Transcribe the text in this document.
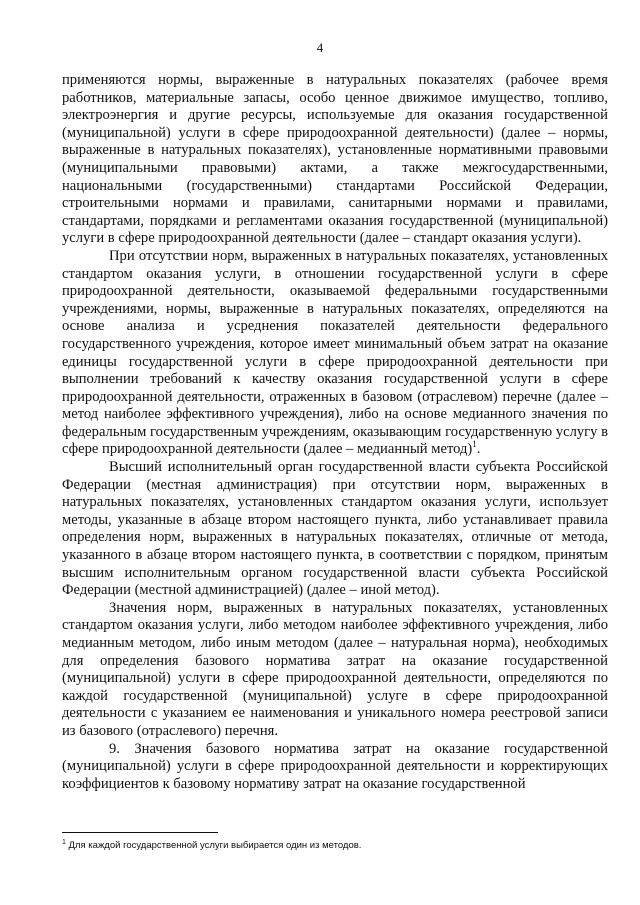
4

применяются нормы, выраженные в натуральных показателях (рабочее время работников, материальные запасы, особо ценное движимое имущество, топливо, электроэнергия и другие ресурсы, используемые для оказания государственной (муниципальной) услуги в сфере природоохранной деятельности) (далее – нормы, выраженные в натуральных показателях), установленные нормативными правовыми (муниципальными правовыми) актами, а также межгосударственными, национальными (государственными) стандартами Российской Федерации, строительными нормами и правилами, санитарными нормами и правилами, стандартами, порядками и регламентами оказания государственной (муниципальной) услуги в сфере природоохранной деятельности (далее – стандарт оказания услуги).

При отсутствии норм, выраженных в натуральных показателях, установленных стандартом оказания услуги, в отношении государственной услуги в сфере природоохранной деятельности, оказываемой федеральными государственными учреждениями, нормы, выраженные в натуральных показателях, определяются на основе анализа и усреднения показателей деятельности федерального государственного учреждения, которое имеет минимальный объем затрат на оказание единицы государственной услуги в сфере природоохранной деятельности при выполнении требований к качеству оказания государственной услуги в сфере природоохранной деятельности, отраженных в базовом (отраслевом) перечне (далее – метод наиболее эффективного учреждения), либо на основе медианного значения по федеральным государственным учреждениям, оказывающим государственную услугу в сфере природоохранной деятельности (далее – медианный метод)$^1$.

Высший исполнительный орган государственной власти субъекта Российской Федерации (местная администрация) при отсутствии норм, выраженных в натуральных показателях, установленных стандартом оказания услуги, использует методы, указанные в абзаце втором настоящего пункта, либо устанавливает правила определения норм, выраженных в натуральных показателях, отличные от метода, указанного в абзаце втором настоящего пункта, в соответствии с порядком, принятым высшим исполнительным органом государственной власти субъекта Российской Федерации (местной администрацией) (далее – иной метод).

Значения норм, выраженных в натуральных показателях, установленных стандартом оказания услуги, либо методом наиболее эффективного учреждения, либо медианным методом, либо иным методом (далее – натуральная норма), необходимых для определения базового норматива затрат на оказание государственной (муниципальной) услуги в сфере природоохранной деятельности, определяются по каждой государственной (муниципальной) услуге в сфере природоохранной деятельности с указанием ее наименования и уникального номера реестровой записи из базового (отраслевого) перечня.

9. Значения базового норматива затрат на оказание государственной (муниципальной) услуги в сфере природоохранной деятельности и корректирующих коэффициентов к базовому нормативу затрат на оказание государственной

$^1$ Для каждой государственной услуги выбирается один из методов.
